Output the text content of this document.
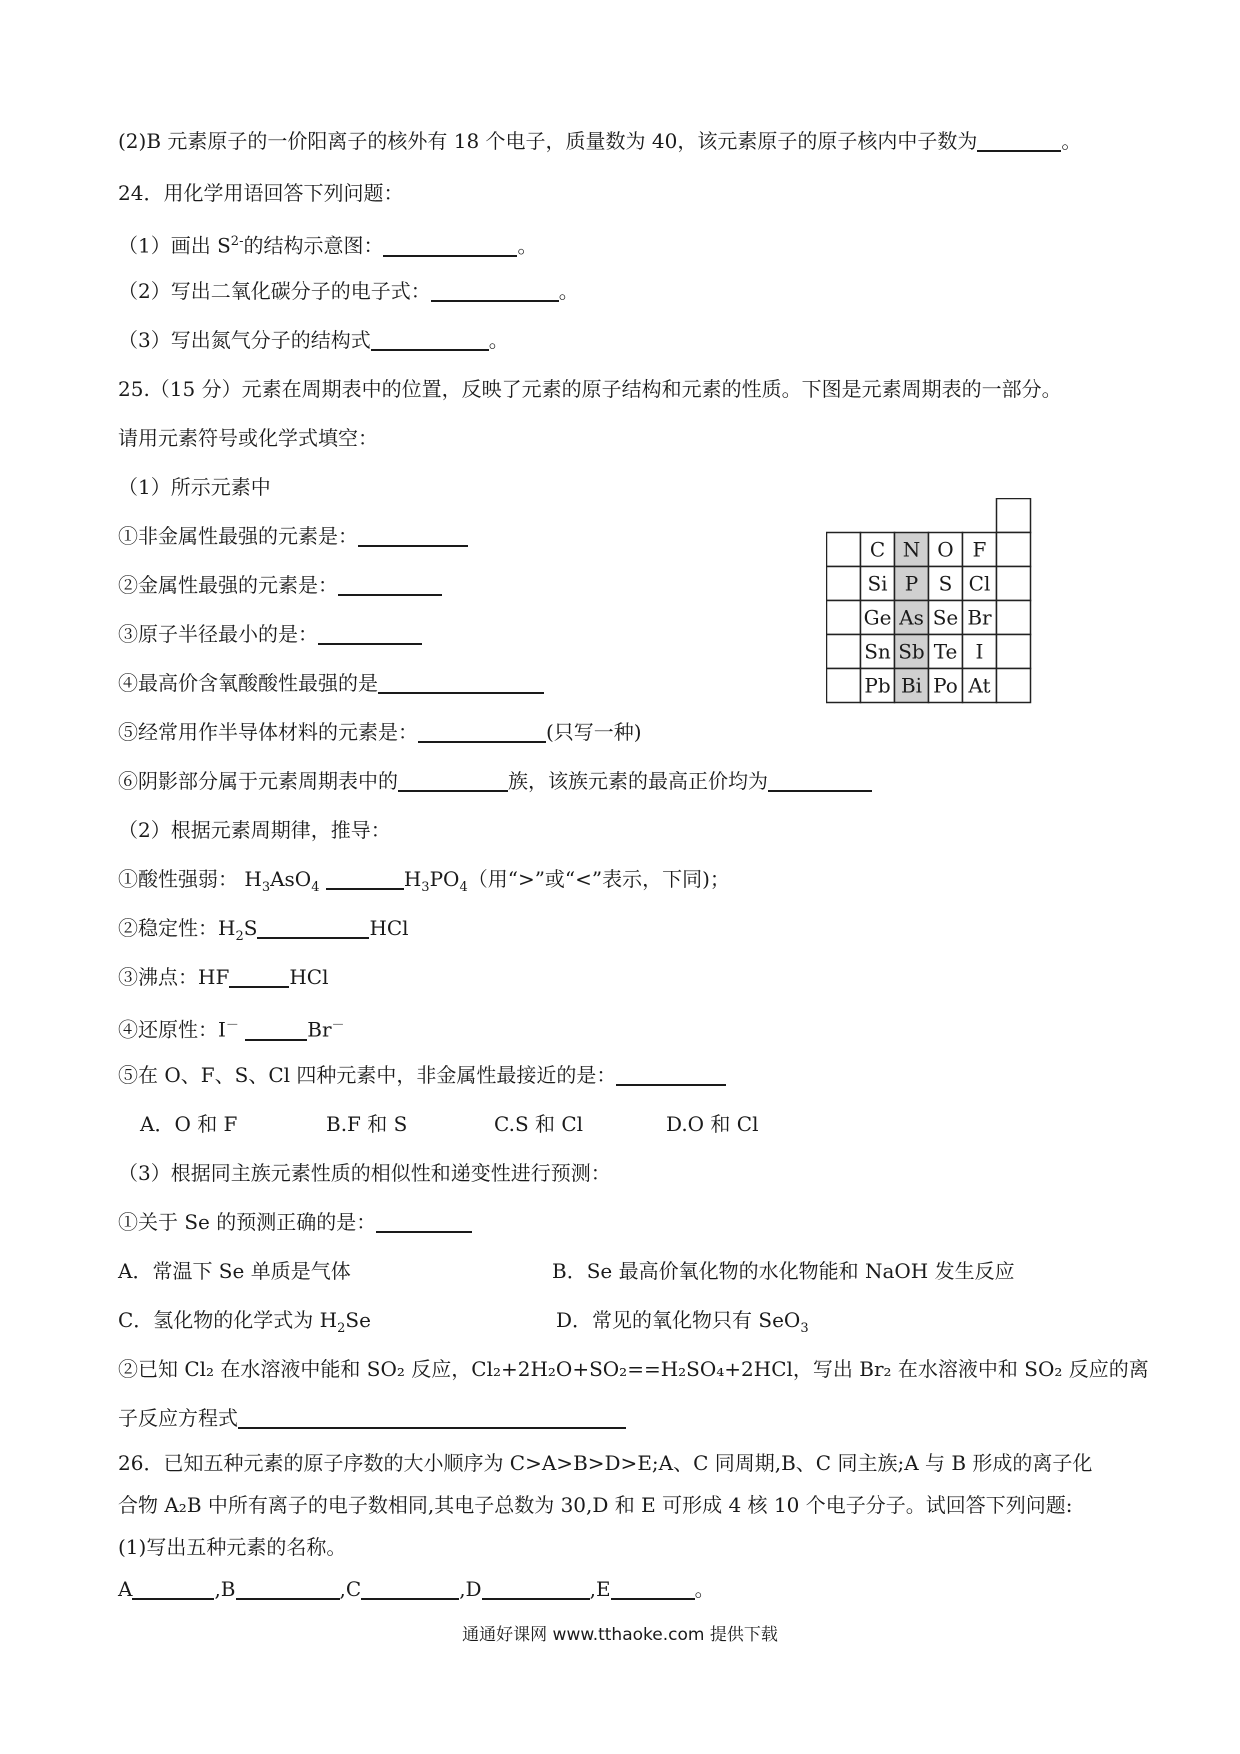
(2)B 元素原子的一价阳离子的核外有 18 个电子，质量数为 40，该元素原子的原子核内中子数为	。
24．用化学用语回答下列问题：
（1）画出 $S^{2-}$的结构示意图：	。
（2）写出二氧化碳分子的电子式：	。
（3）写出氮气分子的结构式	。
25.（15 分）元素在周期表中的位置，反映了元素的原子结构和元素的性质。下图是元素周期表的一部分。
请用元素符号或化学式填空：
（1）所示元素中
①非金属性最强的元素是：
②金属性最强的元素是：
③原子半径最小的是：
④最高价含氧酸酸性最强的是
⑤经常用作半导体材料的元素是：	(只写一种)
⑥阴影部分属于元素周期表中的	族，该族元素的最高正价均为
C N O F
Si P S Cl
Ge As Se Br
Sn Sb Te I
Pb Bi Po At
（2）根据元素周期律，推导：
①酸性强弱： $H_3AsO_4$	$H_3PO_4$（用“>”或“<”表示，下同)；
②稳定性：$H_2S$	HCl
③沸点：HF	HCl
④还原性：I－	Br－
⑤在 O、F、S、Cl 四种元素中，非金属性最接近的是：
A．O 和 F	B.F 和 S	C.S 和 Cl	D.O 和 Cl
（3）根据同主族元素性质的相似性和递变性进行预测：
①关于 Se 的预测正确的是：
A．常温下 Se 单质是气体	B．Se 最高价氧化物的水化物能和 NaOH 发生反应
C．氢化物的化学式为 $H_2Se$	D．常见的氧化物只有 SeO$_3$
②已知 Cl₂ 在水溶液中能和 SO₂ 反应，Cl₂+2H₂O+SO₂==H₂SO₄+2HCl，写出 Br₂ 在水溶液中和 SO₂ 反应的离
子反应方程式
26．已知五种元素的原子序数的大小顺序为 C>A>B>D>E;A、C 同周期,B、C 同主族;A 与 B 形成的离子化
合物 A₂B 中所有离子的电子数相同,其电子总数为 30,D 和 E 可形成 4 核 10 个电子分子。试回答下列问题:
(1)写出五种元素的名称。
A	,B	,C	,D	,E	。
通通好课网 www.tthaoke.com 提供下载
